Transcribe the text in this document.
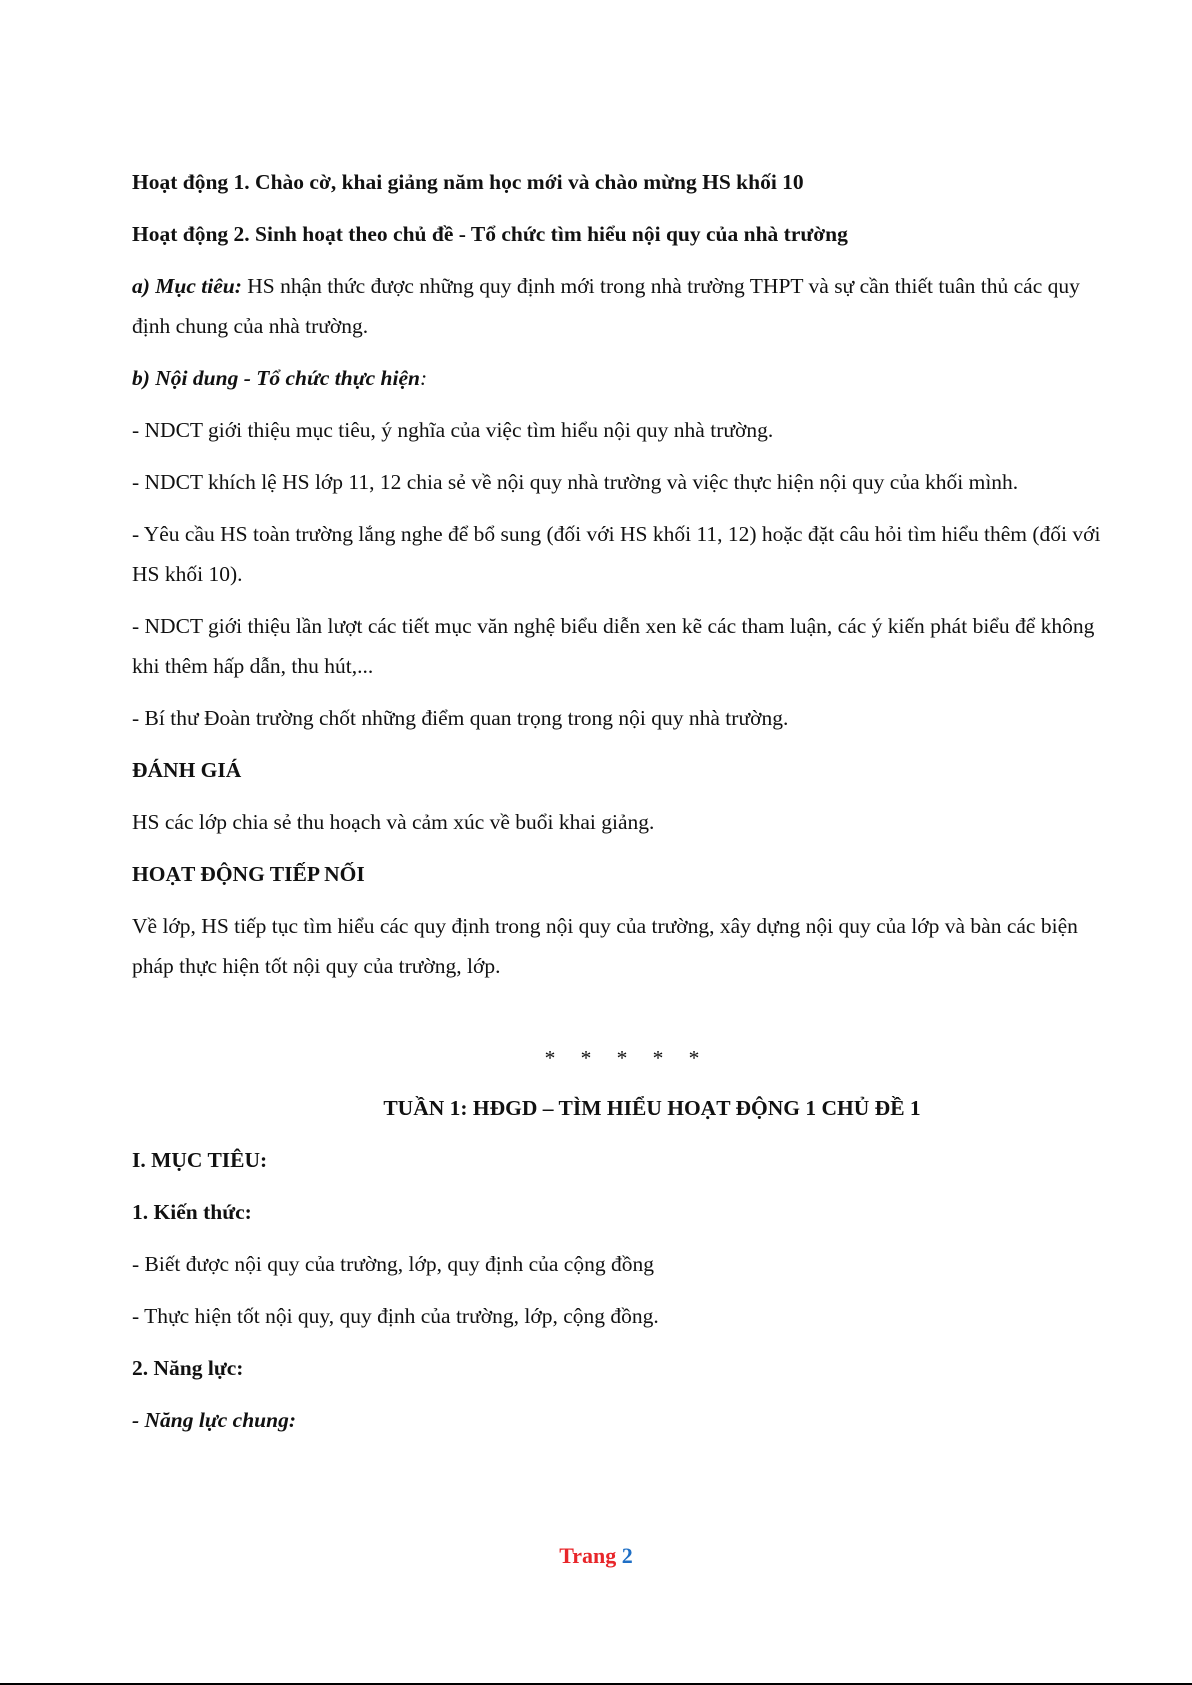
Hoạt động 1. Chào cờ, khai giảng năm học mới và chào mừng HS khối 10

Hoạt động 2. Sinh hoạt theo chủ đề - Tổ chức tìm hiểu nội quy của nhà trường

a) Mục tiêu: HS nhận thức được những quy định mới trong nhà trường THPT và sự cần thiết tuân thủ các quy định chung của nhà trường.

b) Nội dung - Tổ chức thực hiện:

- NDCT giới thiệu mục tiêu, ý nghĩa của việc tìm hiểu nội quy nhà trường.

- NDCT khích lệ HS lớp 11, 12 chia sẻ về nội quy nhà trường và việc thực hiện nội quy của khối mình.

- Yêu cầu HS toàn trường lắng nghe để bổ sung (đối với HS khối 11, 12) hoặc đặt câu hỏi tìm hiểu thêm (đối với HS khối 10).

- NDCT giới thiệu lần lượt các tiết mục văn nghệ biểu diễn xen kẽ các tham luận, các ý kiến phát biểu để không khi thêm hấp dẫn, thu hút,...

- Bí thư Đoàn trường chốt những điểm quan trọng trong nội quy nhà trường.

ĐÁNH GIÁ

HS các lớp chia sẻ thu hoạch và cảm xúc về buổi khai giảng.

HOẠT ĐỘNG TIẾP NỐI

Về lớp, HS tiếp tục tìm hiểu các quy định trong nội quy của trường, xây dựng nội quy của lớp và bàn các biện pháp thực hiện tốt nội quy của trường, lớp.

* * * * *

TUẦN 1: HĐGD – TÌM HIỂU HOẠT ĐỘNG 1 CHỦ ĐỀ 1

I. MỤC TIÊU:

1. Kiến thức:

- Biết được nội quy của trường, lớp, quy định của cộng đồng

- Thực hiện tốt nội quy, quy định của trường, lớp, cộng đồng.

2. Năng lực:

- Năng lực chung:

Trang 2
